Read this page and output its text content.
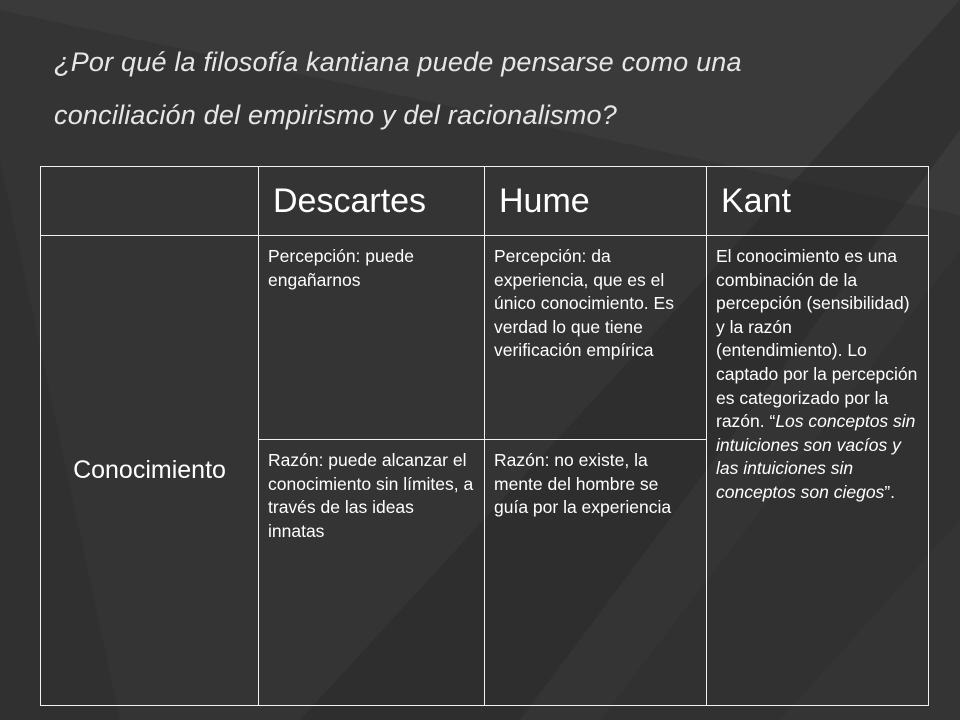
¿Por qué la filosofía kantiana puede pensarse como una
conciliación del empirismo y del racionalismo?
	Descartes	Hume	Kant
Conocimiento	Percepción: puede engañarnos	Percepción: da experiencia, que es el único conocimiento. Es verdad lo que tiene verificación empírica	El conocimiento es una combinación de la percepción (sensibilidad) y la razón (entendimiento). Lo captado por la percepción es categorizado por la razón. “Los conceptos sin intuiciones son vacíos y las intuiciones sin conceptos son ciegos”.
	Razón: puede alcanzar el conocimiento sin límites, a través de las ideas innatas	Razón: no existe, la mente del hombre se guía por la experiencia	
